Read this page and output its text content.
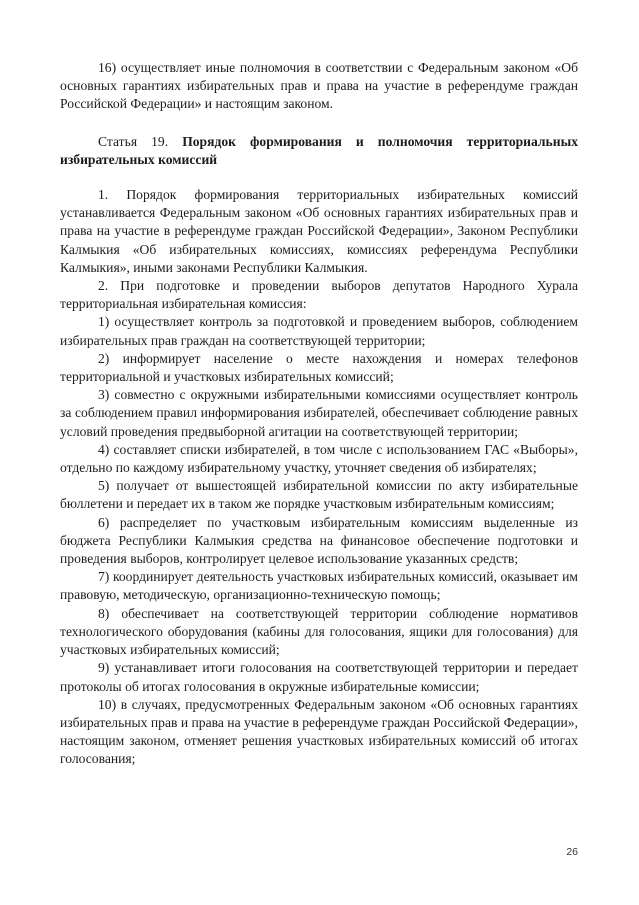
16) осуществляет иные полномочия в соответствии с Федеральным законом «Об основных гарантиях избирательных прав и права на участие в референдуме граждан Российской Федерации» и настоящим законом.

Статья 19. Порядок формирования и полномочия территориальных избирательных комиссий

1. Порядок формирования территориальных избирательных комиссий устанавливается Федеральным законом «Об основных гарантиях избирательных прав и права на участие в референдуме граждан Российской Федерации», Законом Республики Калмыкия «Об избирательных комиссиях, комиссиях референдума Республики Калмыкия», иными законами Республики Калмыкия.

2. При подготовке и проведении выборов депутатов Народного Хурала территориальная избирательная комиссия:

1) осуществляет контроль за подготовкой и проведением выборов, соблюдением избирательных прав граждан на соответствующей территории;

2) информирует население о месте нахождения и номерах телефонов территориальной и участковых избирательных комиссий;

3) совместно с окружными избирательными комиссиями осуществляет контроль за соблюдением правил информирования избирателей, обеспечивает соблюдение равных условий проведения предвыборной агитации на соответствующей территории;

4) составляет списки избирателей, в том числе с использованием ГАС «Выборы», отдельно по каждому избирательному участку, уточняет сведения об избирателях;

5) получает от вышестоящей избирательной комиссии по акту избирательные бюллетени и передает их в таком же порядке участковым избирательным комиссиям;

6) распределяет по участковым избирательным комиссиям выделенные из бюджета Республики Калмыкия средства на финансовое обеспечение подготовки и проведения выборов, контролирует целевое использование указанных средств;

7) координирует деятельность участковых избирательных комиссий, оказывает им правовую, методическую, организационно-техническую помощь;

8) обеспечивает на соответствующей территории соблюдение нормативов технологического оборудования (кабины для голосования, ящики для голосования) для участковых избирательных комиссий;

9) устанавливает итоги голосования на соответствующей территории и передает протоколы об итогах голосования в окружные избирательные комиссии;

10) в случаях, предусмотренных Федеральным законом «Об основных гарантиях избирательных прав и права на участие в референдуме граждан Российской Федерации», настоящим законом, отменяет решения участковых избирательных комиссий об итогах голосования;

26
